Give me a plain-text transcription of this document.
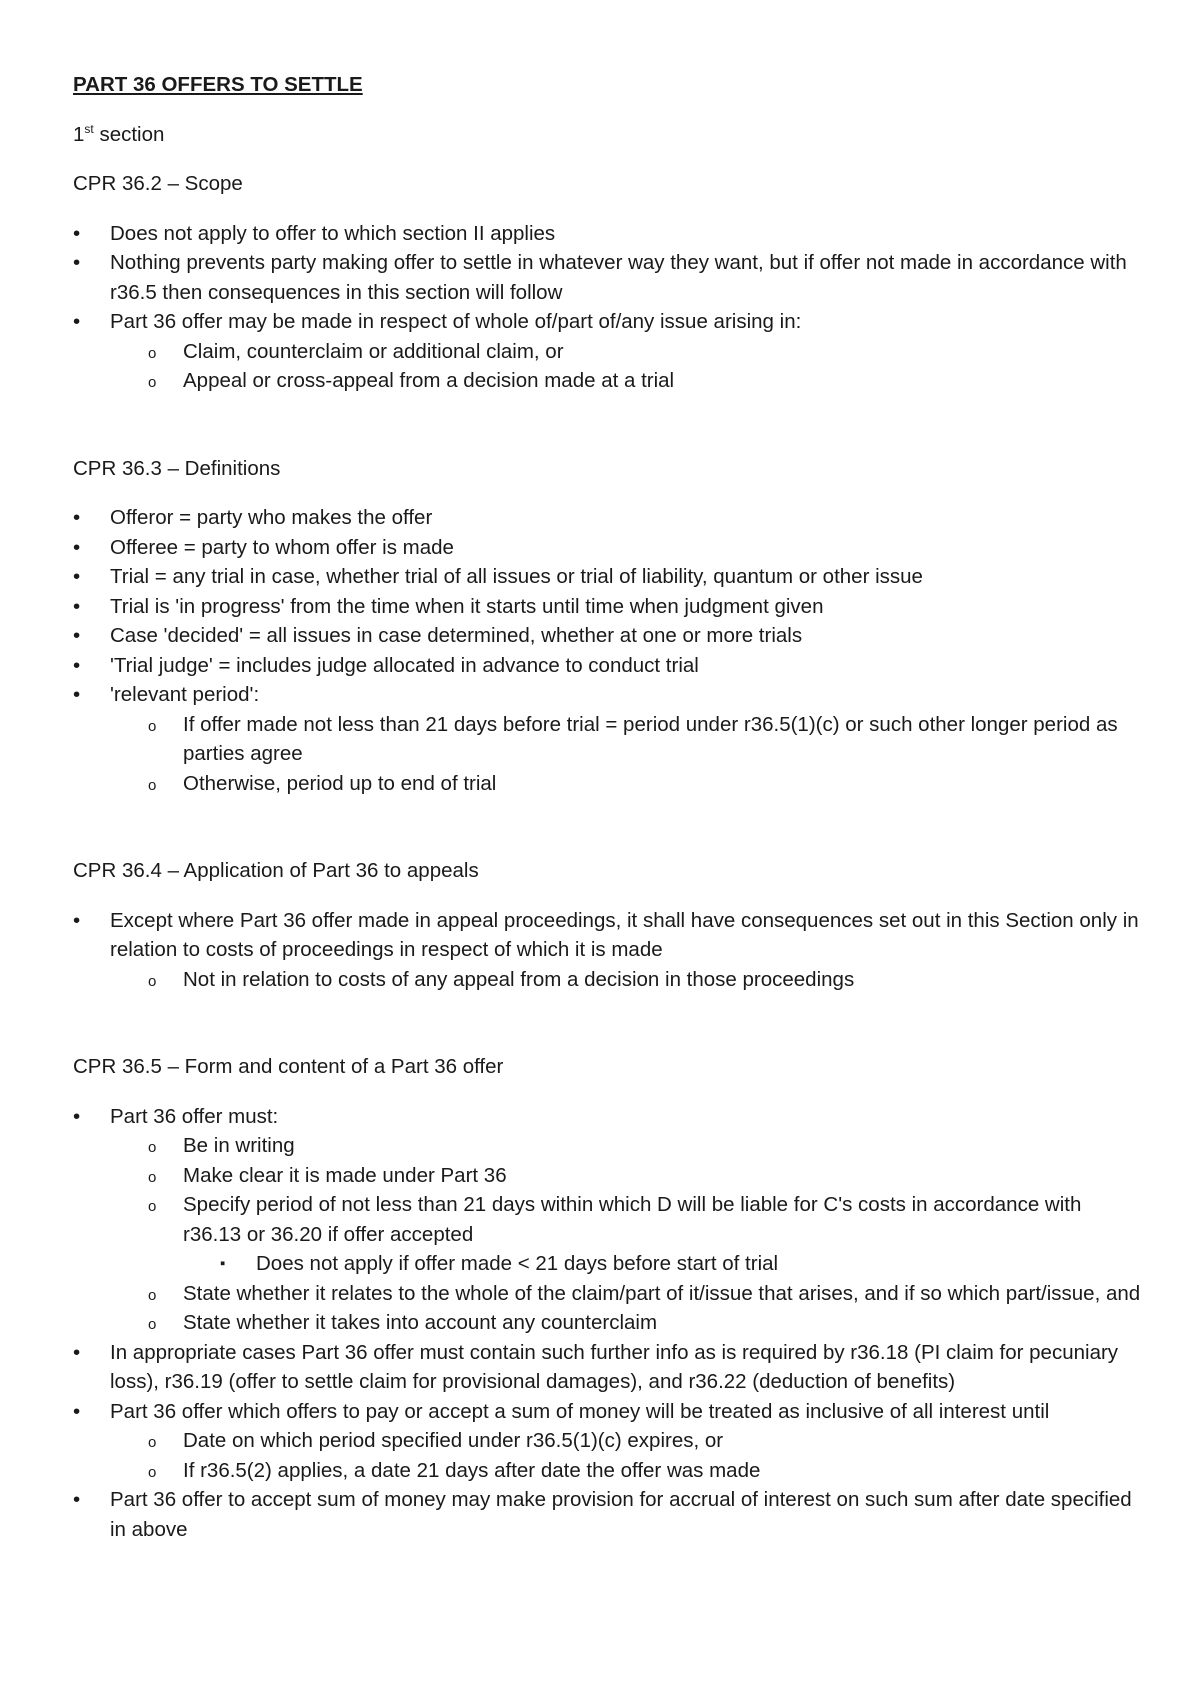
PART 36 OFFERS TO SETTLE
1st section
CPR 36.2 – Scope
• Does not apply to offer to which section II applies
• Nothing prevents party making offer to settle in whatever way they want, but if offer not made in accordance with r36.5 then consequences in this section will follow
• Part 36 offer may be made in respect of whole of/part of/any issue arising in:
o Claim, counterclaim or additional claim, or
o Appeal or cross-appeal from a decision made at a trial
CPR 36.3 – Definitions
• Offeror = party who makes the offer
• Offeree = party to whom offer is made
• Trial = any trial in case, whether trial of all issues or trial of liability, quantum or other issue
• Trial is 'in progress' from the time when it starts until time when judgment given
• Case 'decided' = all issues in case determined, whether at one or more trials
• 'Trial judge' = includes judge allocated in advance to conduct trial
• 'relevant period':
o If offer made not less than 21 days before trial = period under r36.5(1)(c) or such other longer period as parties agree
o Otherwise, period up to end of trial
CPR 36.4 – Application of Part 36 to appeals
• Except where Part 36 offer made in appeal proceedings, it shall have consequences set out in this Section only in relation to costs of proceedings in respect of which it is made
o Not in relation to costs of any appeal from a decision in those proceedings
CPR 36.5 – Form and content of a Part 36 offer
• Part 36 offer must:
o Be in writing
o Make clear it is made under Part 36
o Specify period of not less than 21 days within which D will be liable for C's costs in accordance with r36.13 or 36.20 if offer accepted
▪ Does not apply if offer made < 21 days before start of trial
o State whether it relates to the whole of the claim/part of it/issue that arises, and if so which part/issue, and
o State whether it takes into account any counterclaim
• In appropriate cases Part 36 offer must contain such further info as is required by r36.18 (PI claim for pecuniary loss), r36.19 (offer to settle claim for provisional damages), and r36.22 (deduction of benefits)
• Part 36 offer which offers to pay or accept a sum of money will be treated as inclusive of all interest until
o Date on which period specified under r36.5(1)(c) expires, or
o If r36.5(2) applies, a date 21 days after date the offer was made
• Part 36 offer to accept sum of money may make provision for accrual of interest on such sum after date specified in above
